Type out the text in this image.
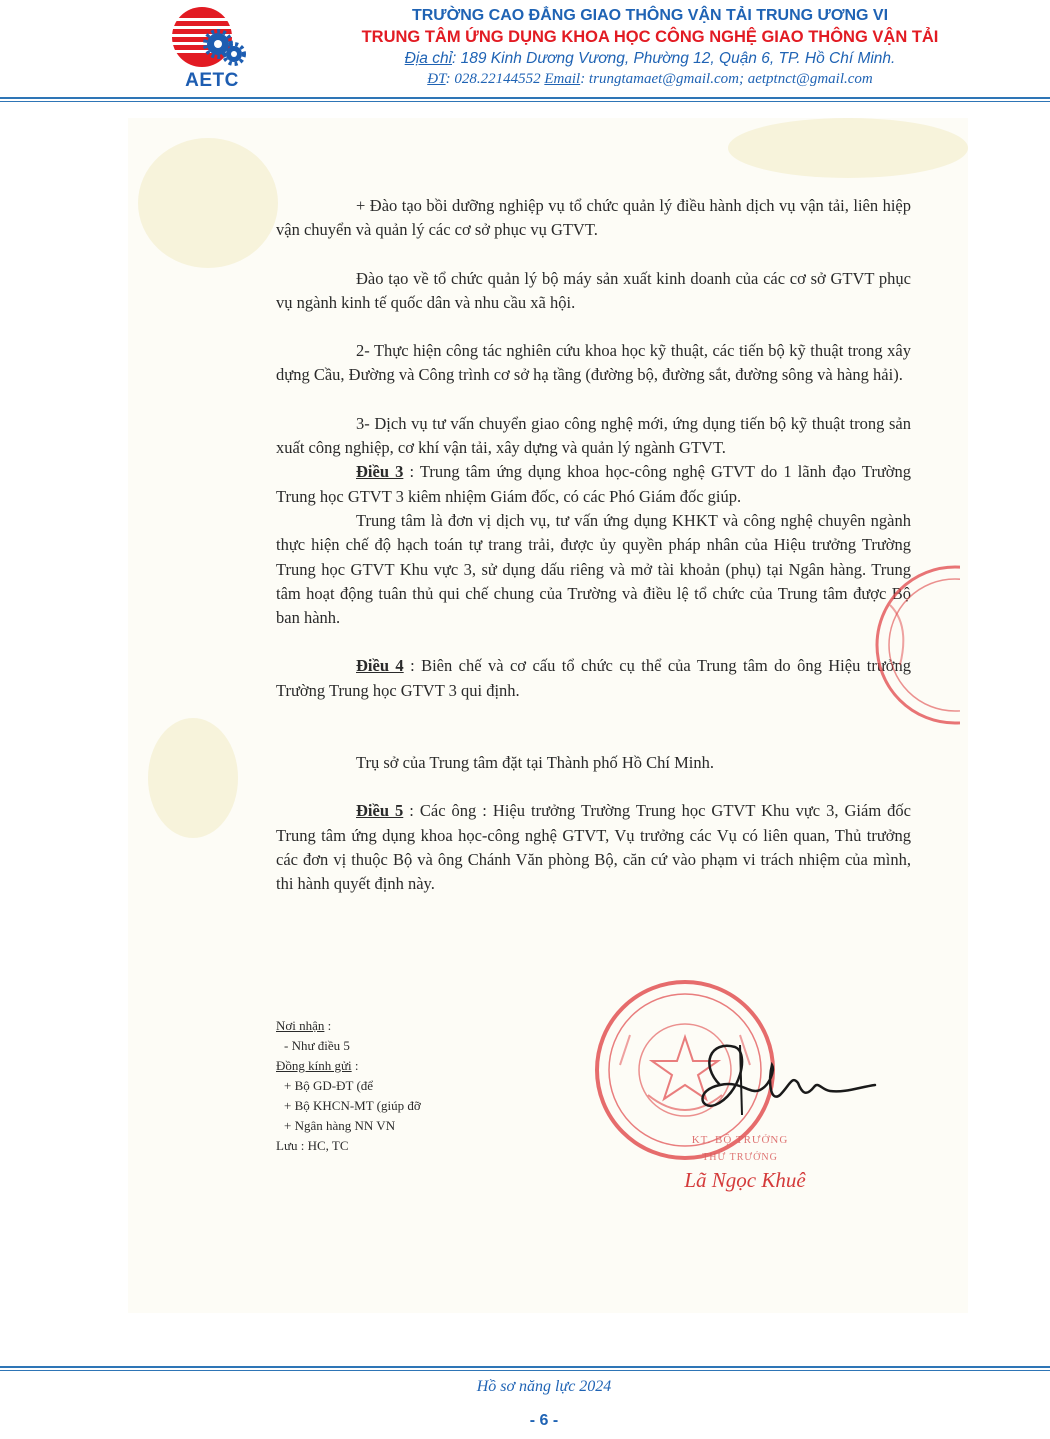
AETC
TRƯỜNG CAO ĐẲNG GIAO THÔNG VẬN TẢI TRUNG ƯƠNG VI
TRUNG TÂM ỨNG DỤNG KHOA HỌC CÔNG NGHỆ GIAO THÔNG VẬN TẢI
Địa chỉ: 189 Kinh Dương Vương, Phường 12, Quận 6, TP. Hồ Chí Minh.
ĐT: 028.22144552 Email: trungtamaet@gmail.com; aetptnct@gmail.com

+ Đào tạo bồi dưỡng nghiệp vụ tổ chức quản lý điều hành dịch vụ vận tải, liên hiệp vận chuyển và quản lý các cơ sở phục vụ GTVT.

Đào tạo về tổ chức quản lý bộ máy sản xuất kinh doanh của các cơ sở GTVT phục vụ ngành kinh tế quốc dân và nhu cầu xã hội.

2- Thực hiện công tác nghiên cứu khoa học kỹ thuật, các tiến bộ kỹ thuật trong xây dựng Cầu, Đường và Công trình cơ sở hạ tầng (đường bộ, đường sắt, đường sông và hàng hải).

3- Dịch vụ tư vấn chuyển giao công nghệ mới, ứng dụng tiến bộ kỹ thuật trong sản xuất công nghiệp, cơ khí vận tải, xây dựng và quản lý ngành GTVT.

Điều 3 : Trung tâm ứng dụng khoa học-công nghệ GTVT do 1 lãnh đạo Trường Trung học GTVT 3 kiêm nhiệm Giám đốc, có các Phó Giám đốc giúp.

Trung tâm là đơn vị dịch vụ, tư vấn ứng dụng KHKT và công nghệ chuyên ngành thực hiện chế độ hạch toán tự trang trải, được ủy quyền pháp nhân của Hiệu trưởng Trường Trung học GTVT Khu vực 3, sử dụng dấu riêng và mở tài khoản (phụ) tại Ngân hàng. Trung tâm hoạt động tuân thủ qui chế chung của Trường và điều lệ tổ chức của Trung tâm được Bộ ban hành.

Điều 4 : Biên chế và cơ cấu tổ chức cụ thể của Trung tâm do ông Hiệu trưởng Trường Trung học GTVT 3 qui định.

Trụ sở của Trung tâm đặt tại Thành phố Hồ Chí Minh.

Điều 5 : Các ông : Hiệu trưởng Trường Trung học GTVT Khu vực 3, Giám đốc Trung tâm ứng dụng khoa học-công nghệ GTVT, Vụ trưởng các Vụ có liên quan, Thủ trưởng các đơn vị thuộc Bộ và ông Chánh Văn phòng Bộ, căn cứ vào phạm vi trách nhiệm của mình, thi hành quyết định này.

Nơi nhận :
- Như điều 5
Đồng kính gửi :
+ Bộ GD-ĐT (để
+ Bộ KHCN-MT (giúp đỡ
+ Ngân hàng NN VN
Lưu : HC, TC	KT. BỘ TRƯỞNG
THỨ TRƯỞNG
Lã Ngọc Khuê
Hồ sơ năng lực 2024
- 6 -
